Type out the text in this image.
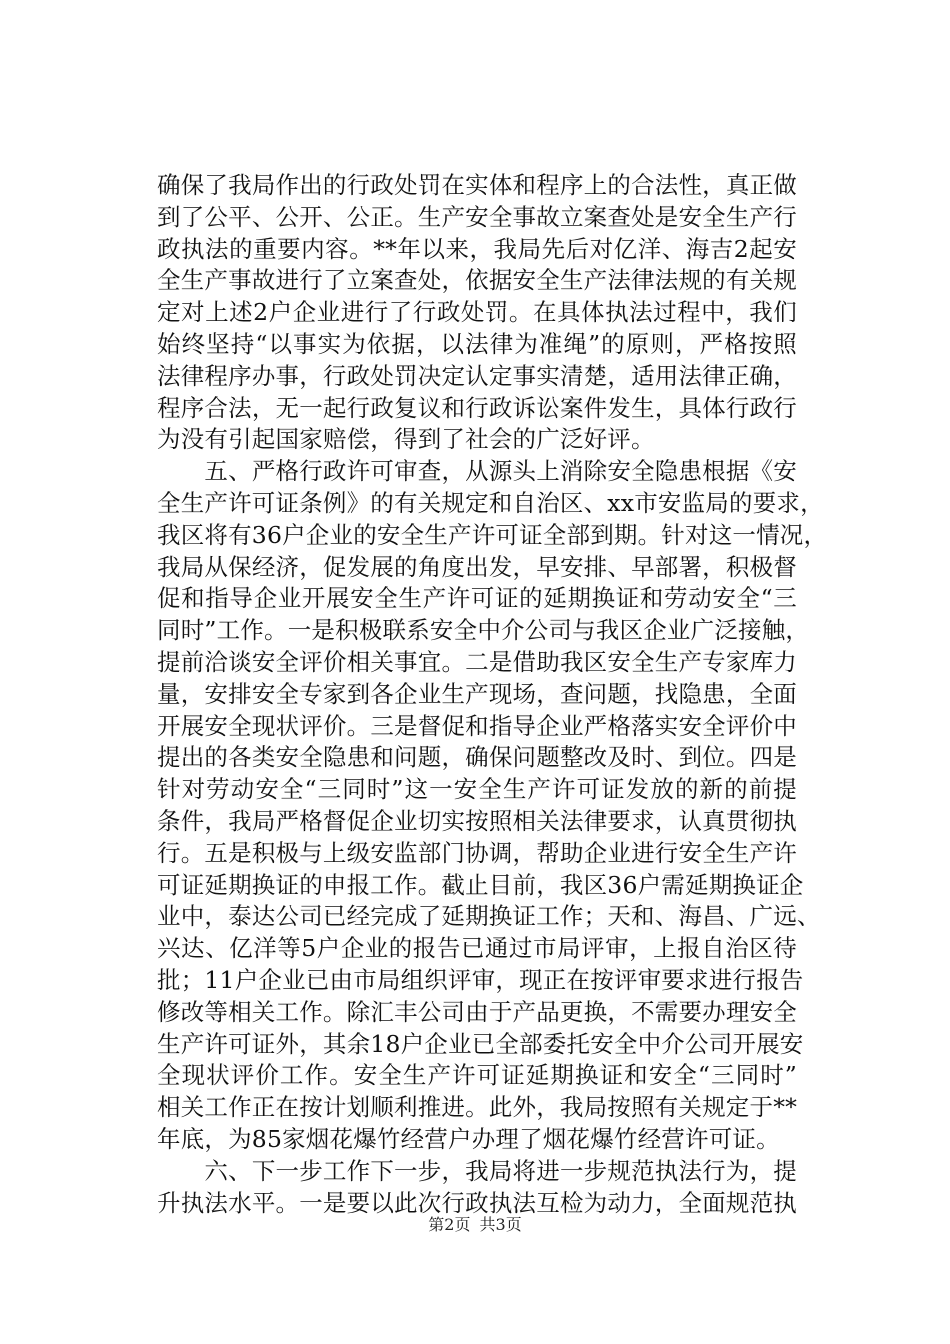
确保了我局作出的行政处罚在实体和程序上的合法性，真正做
到了公平、公开、公正。生产安全事故立案查处是安全生产行
政执法的重要内容。**年以来，我局先后对亿洋、海吉2起安
全生产事故进行了立案查处，依据安全生产法律法规的有关规
定对上述2户企业进行了行政处罚。在具体执法过程中，我们
始终坚持“以事实为依据，以法律为准绳”的原则，严格按照
法律程序办事，行政处罚决定认定事实清楚，适用法律正确，
程序合法，无一起行政复议和行政诉讼案件发生，具体行政行
为没有引起国家赔偿，得到了社会的广泛好评。
　　五、严格行政许可审查，从源头上消除安全隐患根据《安
全生产许可证条例》的有关规定和自治区、xx市安监局的要求，
我区将有36户企业的安全生产许可证全部到期。针对这一情况，
我局从保经济，促发展的角度出发，早安排、早部署，积极督
促和指导企业开展安全生产许可证的延期换证和劳动安全“三
同时”工作。一是积极联系安全中介公司与我区企业广泛接触，
提前洽谈安全评价相关事宜。二是借助我区安全生产专家库力
量，安排安全专家到各企业生产现场，查问题，找隐患，全面
开展安全现状评价。三是督促和指导企业严格落实安全评价中
提出的各类安全隐患和问题，确保问题整改及时、到位。四是
针对劳动安全“三同时”这一安全生产许可证发放的新的前提
条件，我局严格督促企业切实按照相关法律要求，认真贯彻执
行。五是积极与上级安监部门协调，帮助企业进行安全生产许
可证延期换证的申报工作。截止目前，我区36户需延期换证企
业中，泰达公司已经完成了延期换证工作；天和、海昌、广远、
兴达、亿洋等5户企业的报告已通过市局评审，上报自治区待
批；11户企业已由市局组织评审，现正在按评审要求进行报告
修改等相关工作。除汇丰公司由于产品更换，不需要办理安全
生产许可证外，其余18户企业已全部委托安全中介公司开展安
全现状评价工作。安全生产许可证延期换证和安全“三同时”
相关工作正在按计划顺利推进。此外，我局按照有关规定于**
年底，为85家烟花爆竹经营户办理了烟花爆竹经营许可证。
　　六、下一步工作下一步，我局将进一步规范执法行为，提
升执法水平。一是要以此次行政执法互检为动力，全面规范执
第2页 共3页
